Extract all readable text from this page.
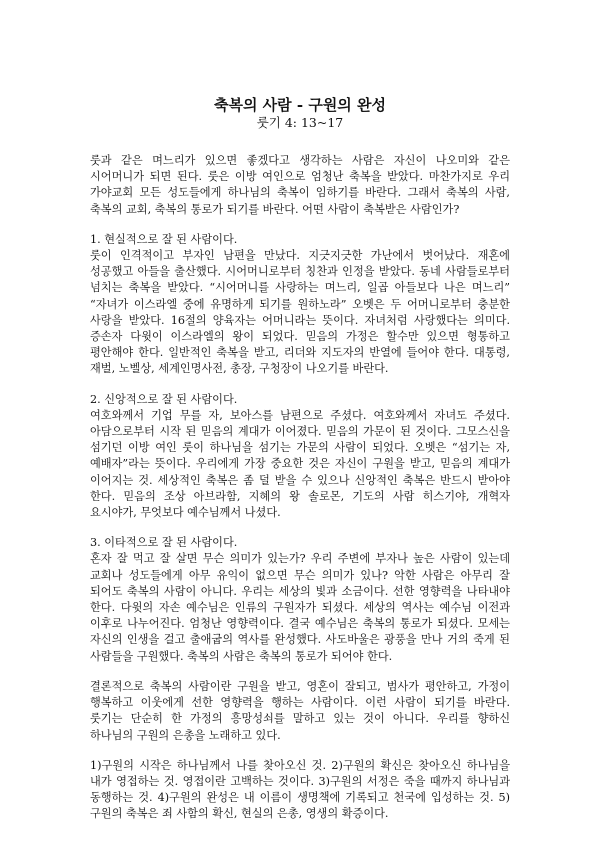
축복의 사람 - 구원의 완성
룻기 4: 13~17

룻과 같은 며느리가 있으면 좋겠다고 생각하는 사람은 자신이 나오미와 같은 시어머니가 되면 된다. 룻은 이방 여인으로 엄청난 축복을 받았다. 마찬가지로 우리 가야교회 모든 성도들에게 하나님의 축복이 임하기를 바란다. 그래서 축복의 사람, 축복의 교회, 축복의 통로가 되기를 바란다. 어떤 사람이 축복받은 사람인가?

1. 현실적으로 잘 된 사람이다.

룻이 인격적이고 부자인 남편을 만났다. 지긋지긋한 가난에서 벗어났다. 재혼에 성공했고 아들을 출산했다. 시어머니로부터 칭찬과 인정을 받았다. 동네 사람들로부터 넘치는 축복을 받았다. “시어머니를 사랑하는 며느리, 일곱 아들보다 나은 며느리” “자녀가 이스라엘 중에 유명하게 되기를 원하노라” 오벳은 두 어머니로부터 충분한 사랑을 받았다. 16절의 양육자는 어머니라는 뜻이다. 자녀처럼 사랑했다는 의미다. 증손자 다윗이 이스라엘의 왕이 되었다. 믿음의 가정은 할수만 있으면 형통하고 평안해야 한다. 일반적인 축복을 받고, 리더와 지도자의 반열에 들어야 한다. 대통령, 재벌, 노벨상, 세계인명사전, 총장, 구청장이 나오기를 바란다.

2. 신앙적으로 잘 된 사람이다.

여호와께서 기업 무를 자, 보아스를 남편으로 주셨다. 여호와께서 자녀도 주셨다. 아담으로부터 시작 된 믿음의 계대가 이어졌다. 믿음의 가문이 된 것이다. 그모스신을 섬기던 이방 여인 룻이 하나님을 섬기는 가문의 사람이 되었다. 오벳은 “섬기는 자, 예배자”라는 뜻이다. 우리에게 가장 중요한 것은 자신이 구원을 받고, 믿음의 계대가 이어지는 것. 세상적인 축복은 좀 덜 받을 수 있으나 신앙적인 축복은 반드시 받아야 한다. 믿음의 조상 아브라함, 지혜의 왕 솔로몬, 기도의 사람 히스기야, 개혁자 요시야가, 무엇보다 예수님께서 나셨다.

3. 이타적으로 잘 된 사람이다.

혼자 잘 먹고 잘 살면 무슨 의미가 있는가? 우리 주변에 부자나 높은 사람이 있는데 교회나 성도들에게 아무 유익이 없으면 무슨 의미가 있나? 악한 사람은 아무리 잘 되어도 축복의 사람이 아니다. 우리는 세상의 빛과 소금이다. 선한 영향력을 나타내야 한다. 다윗의 자손 예수님은 인류의 구원자가 되셨다. 세상의 역사는 예수님 이전과 이후로 나누어진다. 엄청난 영향력이다. 결국 예수님은 축복의 통로가 되셨다. 모세는 자신의 인생을 걸고 출애굽의 역사를 완성했다. 사도바울은 광풍을 만나 거의 죽게 된 사람들을 구원했다. 축복의 사람은 축복의 통로가 되어야 한다.

결론적으로 축복의 사람이란 구원을 받고, 영혼이 잘되고, 범사가 평안하고, 가정이 행복하고 이웃에게 선한 영향력을 행하는 사람이다. 이런 사람이 되기를 바란다. 룻기는 단순히 한 가정의 흥망성쇠를 말하고 있는 것이 아니다. 우리를 향하신 하나님의 구원의 은총을 노래하고 있다.

1)구원의 시작은 하나님께서 나를 찾아오신 것. 2)구원의 확신은 찾아오신 하나님을 내가 영접하는 것. 영접이란 고백하는 것이다. 3)구원의 서정은 죽을 때까지 하나님과 동행하는 것. 4)구원의 완성은 내 이름이 생명책에 기록되고 천국에 입성하는 것. 5)구원의 축복은 죄 사함의 확신, 현실의 은총, 영생의 확증이다.
